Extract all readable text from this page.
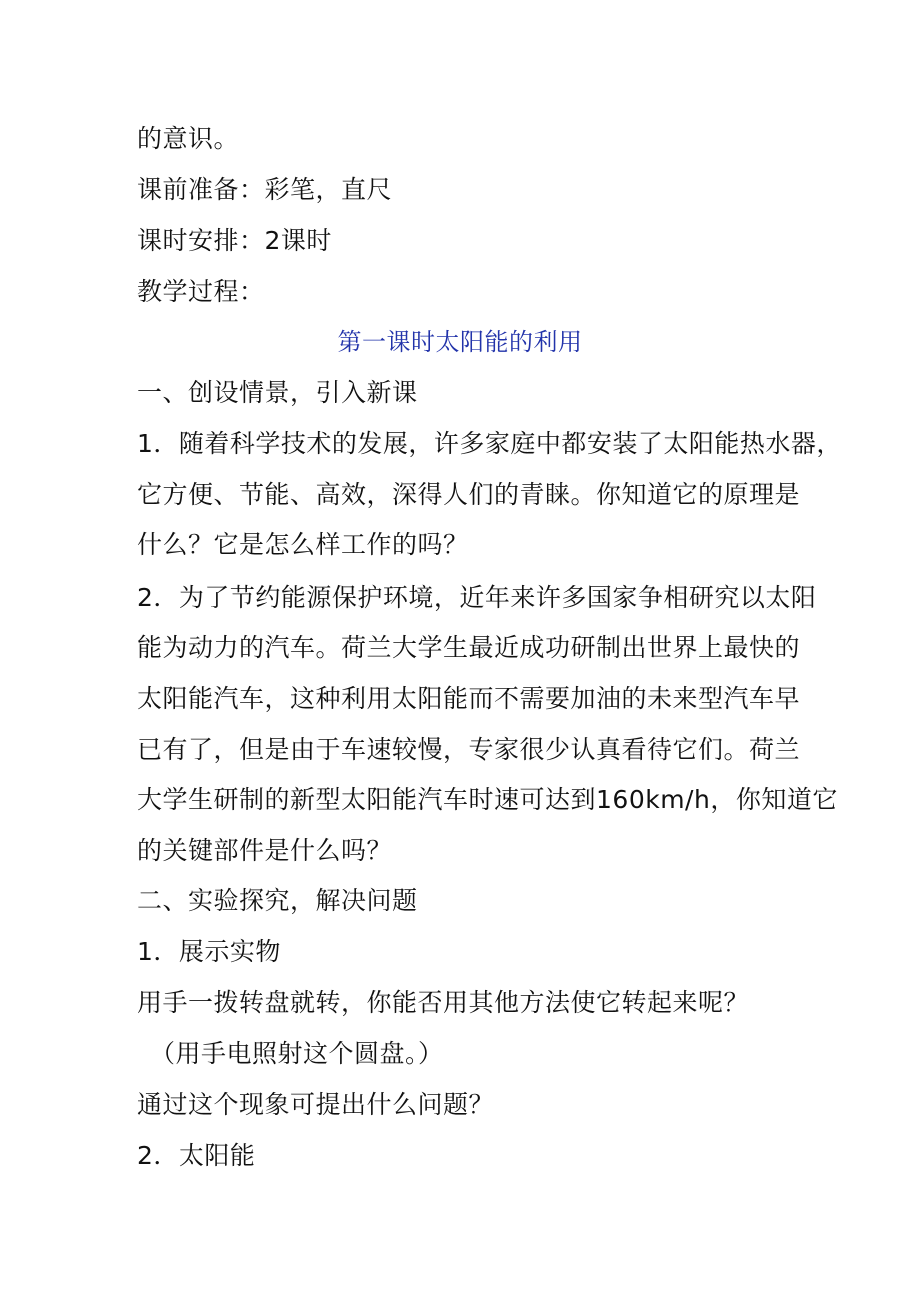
的意识。
课前准备：彩笔，直尺
课时安排：2课时
教学过程：
第一课时太阳能的利用
一、创设情景，引入新课
1．随着科学技术的发展，许多家庭中都安装了太阳能热水器，
它方便、节能、高效，深得人们的青睐。你知道它的原理是
什么？它是怎么样工作的吗？
2．为了节约能源保护环境，近年来许多国家争相研究以太阳
能为动力的汽车。荷兰大学生最近成功研制出世界上最快的
太阳能汽车，这种利用太阳能而不需要加油的未来型汽车早
已有了，但是由于车速较慢，专家很少认真看待它们。荷兰
大学生研制的新型太阳能汽车时速可达到160km/h，你知道它
的关键部件是什么吗？
二、实验探究，解决问题
1．展示实物
用手一拨转盘就转，你能否用其他方法使它转起来呢？
（用手电照射这个圆盘。）
通过这个现象可提出什么问题？
2．太阳能
